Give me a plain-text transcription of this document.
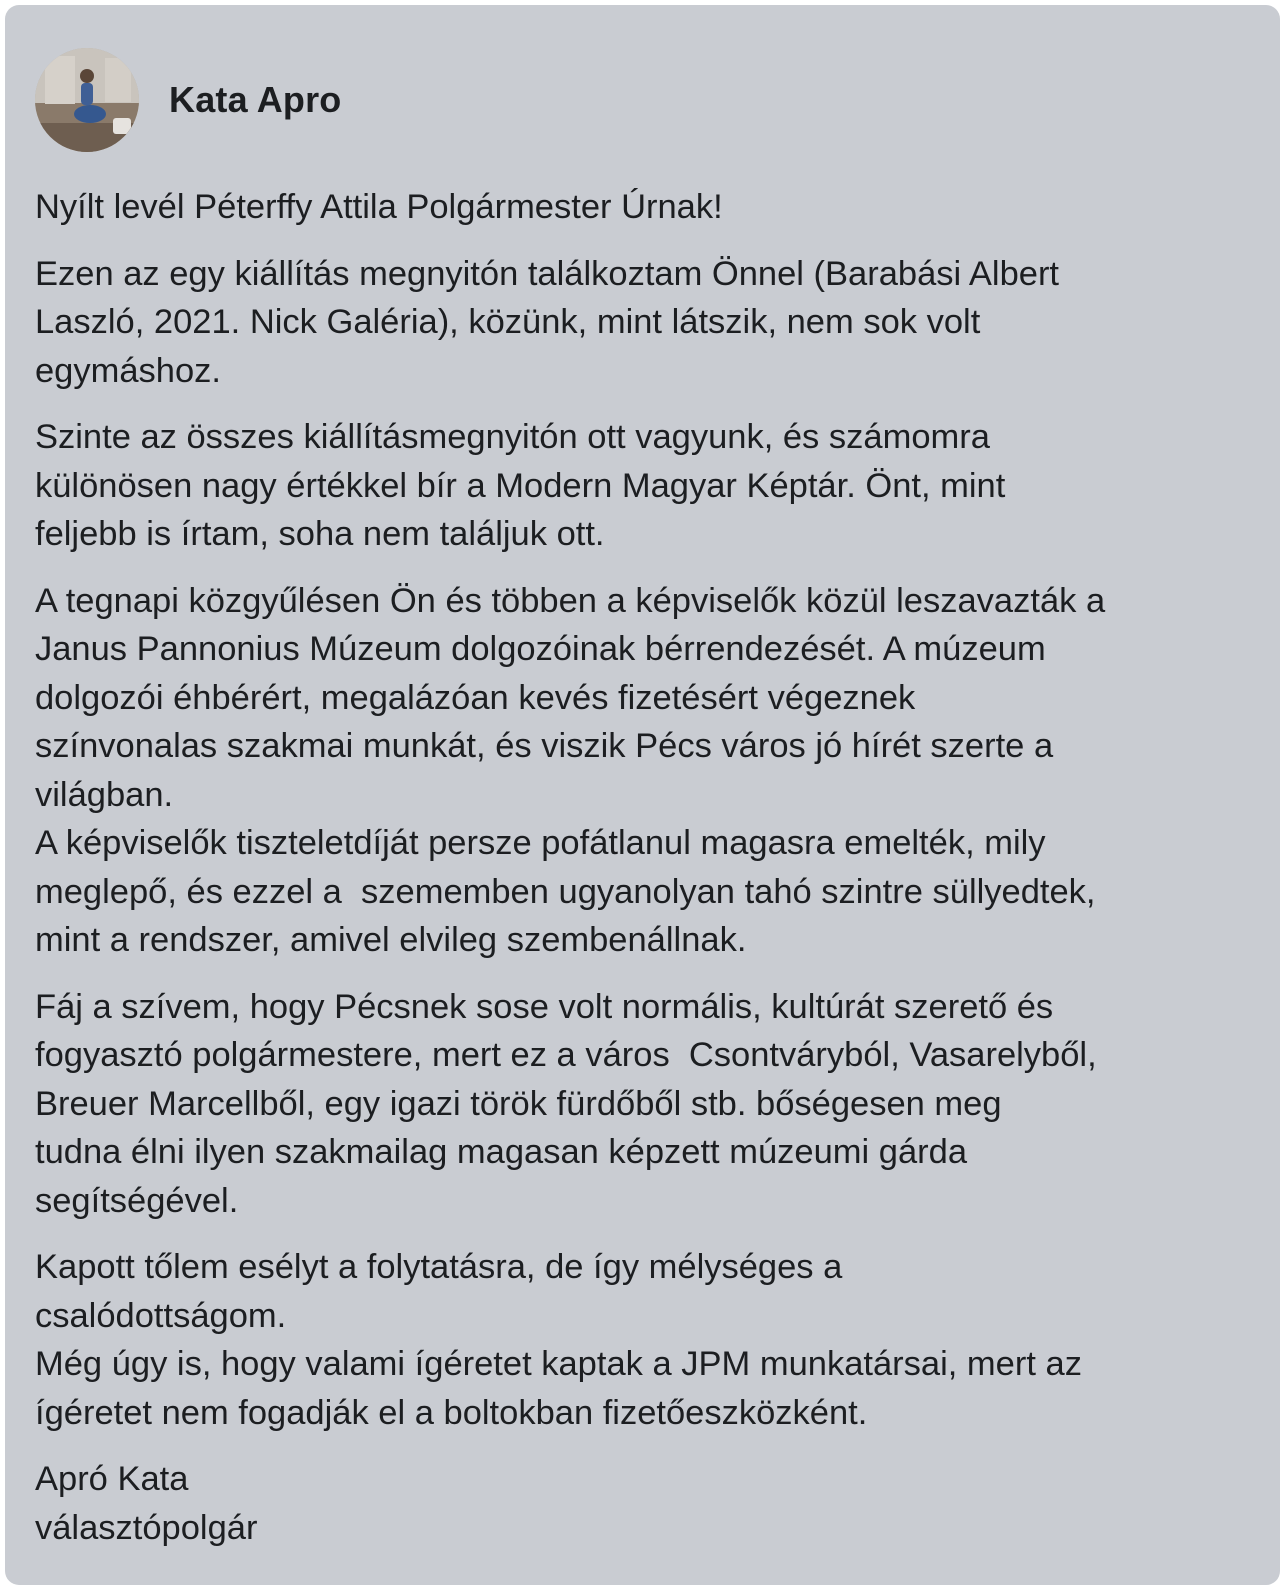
Kata Apro

Nyílt levél Péterffy Attila Polgármester Úrnak!

Ezen az egy kiállítás megnyitón találkoztam Önnel (Barabási Albert
Laszló, 2021. Nick Galéria), közünk, mint látszik, nem sok volt
egymáshoz.

Szinte az összes kiállításmegnyitón ott vagyunk, és számomra
különösen nagy értékkel bír a Modern Magyar Képtár. Önt, mint
feljebb is írtam, soha nem találjuk ott.

A tegnapi közgyűlésen Ön és többen a képviselők közül leszavazták a
Janus Pannonius Múzeum dolgozóinak bérrendezését. A múzeum
dolgozói éhbérért, megalázóan kevés fizetésért végeznek
színvonalas szakmai munkát, és viszik Pécs város jó hírét szerte a
világban.
A képviselők tiszteletdíját persze pofátlanul magasra emelték, mily
meglepő, és ezzel a  szememben ugyanolyan tahó szintre süllyedtek,
mint a rendszer, amivel elvileg szembenállnak.

Fáj a szívem, hogy Pécsnek sose volt normális, kultúrát szerető és
fogyasztó polgármestere, mert ez a város  Csontváryból, Vasarelyből,
Breuer Marcellből, egy igazi török fürdőből stb. bőségesen meg
tudna élni ilyen szakmailag magasan képzett múzeumi gárda
segítségével.

Kapott tőlem esélyt a folytatásra, de így mélységes a
csalódottságom.
Még úgy is, hogy valami ígéretet kaptak a JPM munkatársai, mert az
ígéretet nem fogadják el a boltokban fizetőeszközként.

Apró Kata
választópolgár
